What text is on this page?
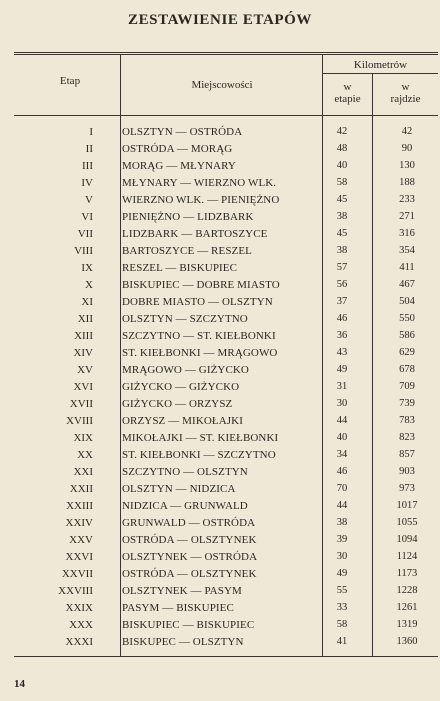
ZESTAWIENIE ETAPÓW
Etap	Miejscowości
Kilometrów
w
etapie
w
rajdzie
I	OLSZTYN — OSTRÓDA	42	42
II	OSTRÓDA — MORĄG	48	90
III	MORĄG — MŁYNARY	40	130
IV	MŁYNARY — WIERZNO WLK.	58	188
V	WIERZNO WLK. — PIENIĘŻNO	45	233
VI	PIENIĘŻNO — LIDZBARK	38	271
VII	LIDZBARK — BARTOSZYCE	45	316
VIII	BARTOSZYCE — RESZEL	38	354
IX	RESZEL — BISKUPIEC	57	411
X	BISKUPIEC — DOBRE MIASTO	56	467
XI	DOBRE MIASTO — OLSZTYN	37	504
XII	OLSZTYN — SZCZYTNO	46	550
XIII	SZCZYTNO — ST. KIEŁBONKI	36	586
XIV	ST. KIEŁBONKI — MRĄGOWO	43	629
XV	MRĄGOWO — GIŻYCKO	49	678
XVI	GIŻYCKO — GIŻYCKO	31	709
XVII	GIŻYCKO — ORZYSZ	30	739
XVIII	ORZYSZ — MIKOŁAJKI	44	783
XIX	MIKOŁAJKI — ST. KIEŁBONKI	40	823
XX	ST. KIEŁBONKI — SZCZYTNO	34	857
XXI	SZCZYTNO — OLSZTYN	46	903
XXII	OLSZTYN — NIDZICA	70	973
XXIII	NIDZICA — GRUNWALD	44	1017
XXIV	GRUNWALD — OSTRÓDA	38	1055
XXV	OSTRÓDA — OLSZTYNEK	39	1094
XXVI	OLSZTYNEK — OSTRÓDA	30	1124
XXVII	OSTRÓDA — OLSZTYNEK	49	1173
XXVIII	OLSZTYNEK — PASYM	55	1228
XXIX	PASYM — BISKUPIEC	33	1261
XXX	BISKUPIEC — BISKUPIEC	58	1319
XXXI	BISKUPEC — OLSZTYN	41	1360
14
